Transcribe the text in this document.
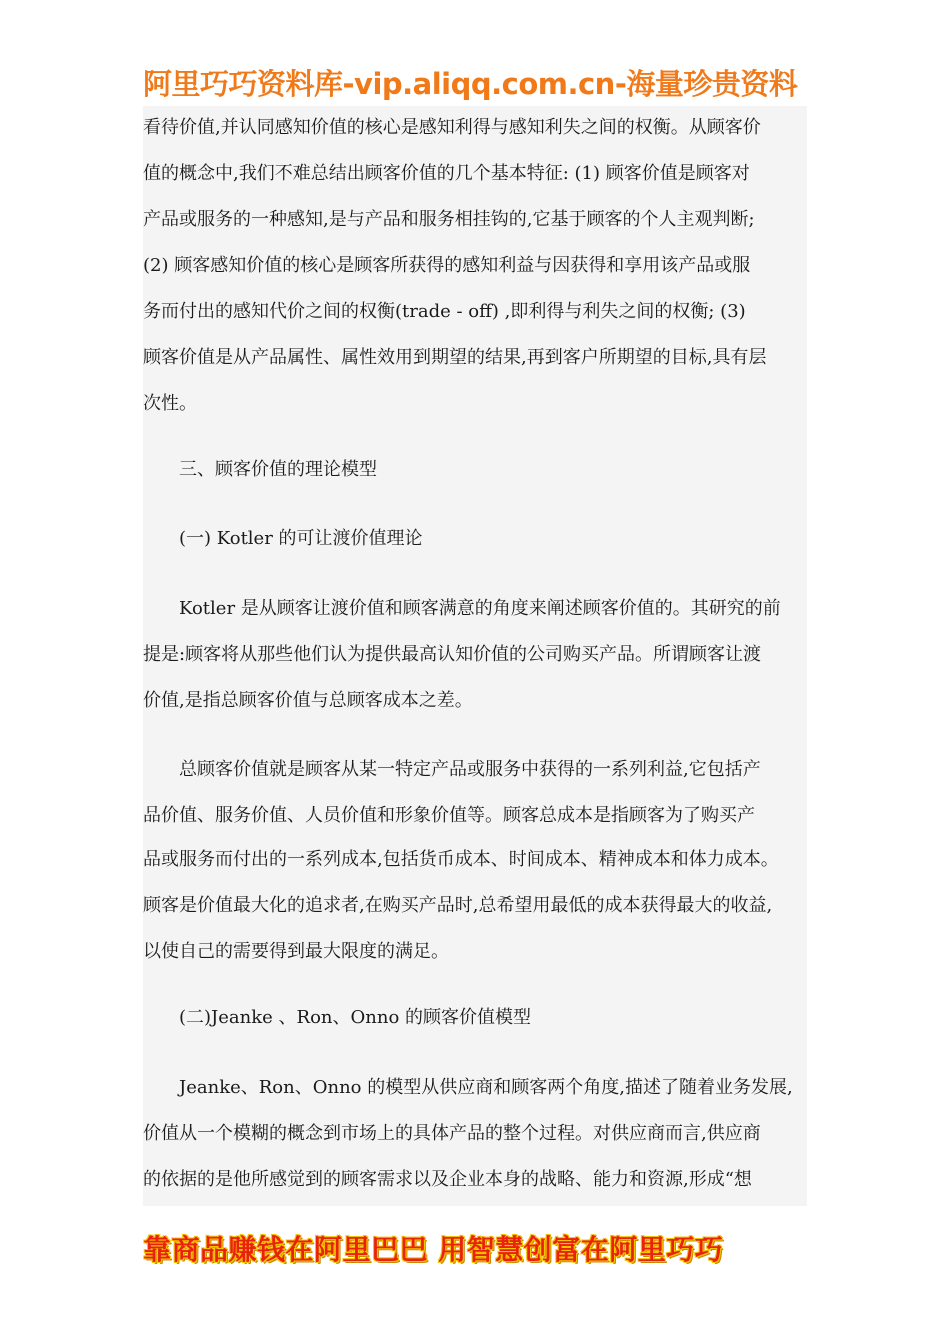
阿里巧巧资料库-vip.aliqq.com.cn-海量珍贵资料
看待价值,并认同感知价值的核心是感知利得与感知利失之间的权衡。从顾客价
值的概念中,我们不难总结出顾客价值的几个基本特征: (1) 顾客价值是顾客对
产品或服务的一种感知,是与产品和服务相挂钩的,它基于顾客的个人主观判断;
(2) 顾客感知价值的核心是顾客所获得的感知利益与因获得和享用该产品或服
务而付出的感知代价之间的权衡(trade - off) ,即利得与利失之间的权衡; (3)
顾客价值是从产品属性、属性效用到期望的结果,再到客户所期望的目标,具有层
次性。
　　三、顾客价值的理论模型
　　(一) Kotler 的可让渡价值理论
　　Kotler 是从顾客让渡价值和顾客满意的角度来阐述顾客价值的。其研究的前
提是:顾客将从那些他们认为提供最高认知价值的公司购买产品。所谓顾客让渡
价值,是指总顾客价值与总顾客成本之差。
　　总顾客价值就是顾客从某一特定产品或服务中获得的一系列利益,它包括产
品价值、服务价值、人员价值和形象价值等。顾客总成本是指顾客为了购买产
品或服务而付出的一系列成本,包括货币成本、时间成本、精神成本和体力成本。
顾客是价值最大化的追求者,在购买产品时,总希望用最低的成本获得最大的收益,
以使自己的需要得到最大限度的满足。
　　(二)Jeanke 、Ron、Onno 的顾客价值模型
　　Jeanke、Ron、Onno 的模型从供应商和顾客两个角度,描述了随着业务发展,
价值从一个模糊的概念到市场上的具体产品的整个过程。对供应商而言,供应商
的依据的是他所感觉到的顾客需求以及企业本身的战略、能力和资源,形成“想
靠商品赚钱在阿里巴巴 用智慧创富在阿里巧巧
